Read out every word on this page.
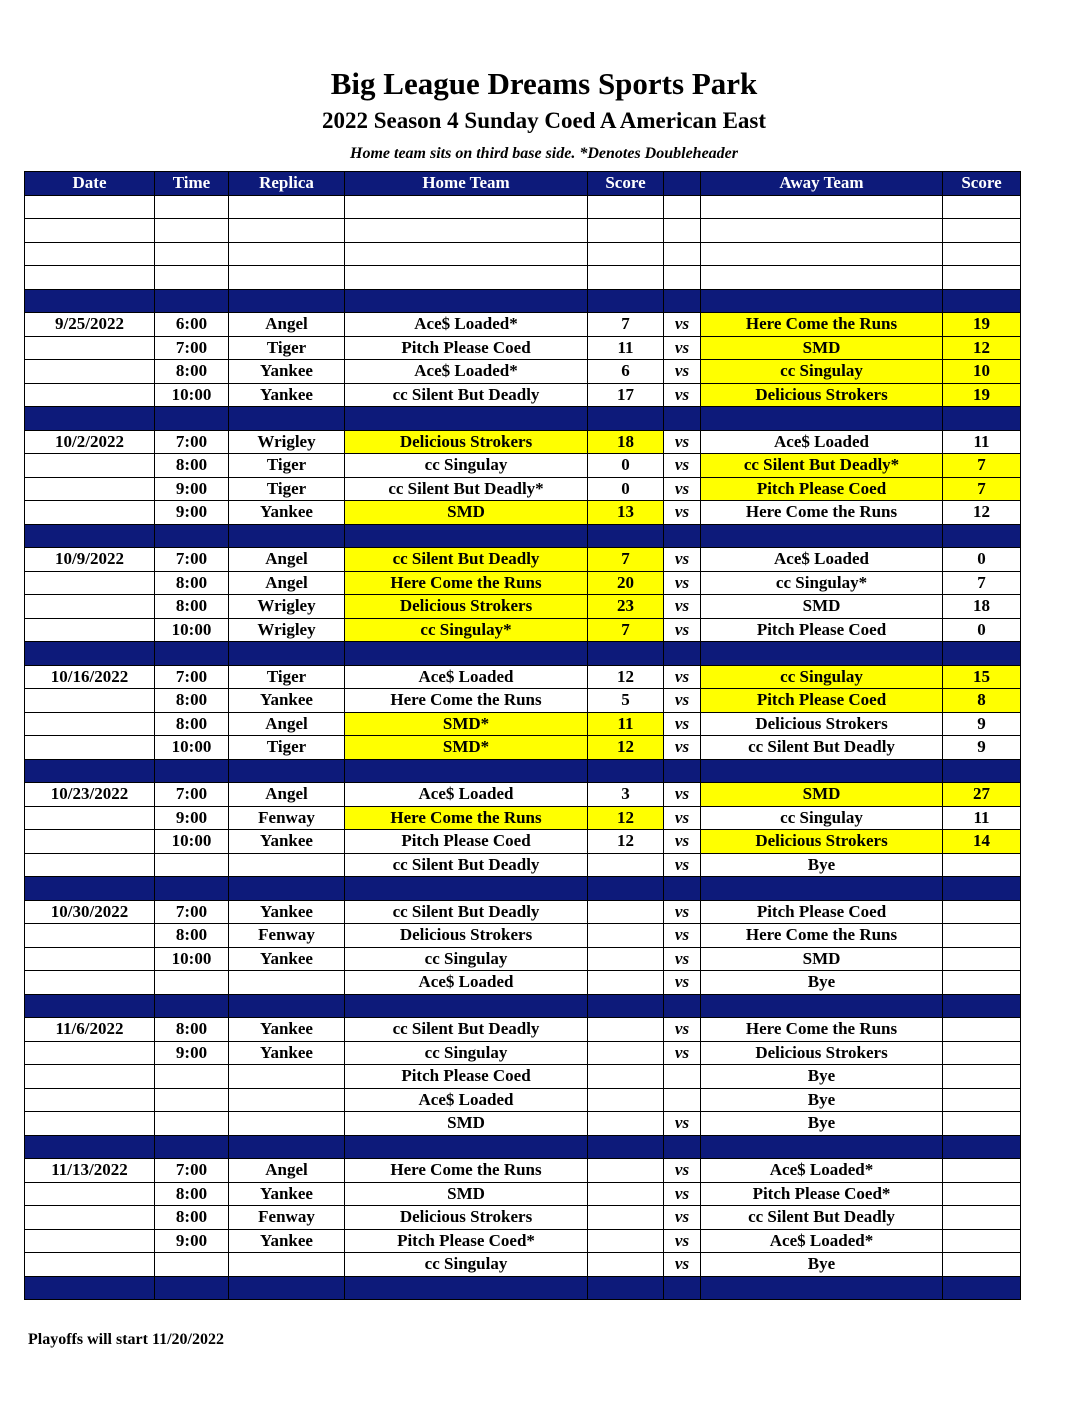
Big League Dreams Sports Park
2022 Season 4 Sunday Coed A American East
Home team sits on third base side. *Denotes Doubleheader
Date	Time	Replica	Home Team	Score		Away Team	Score

9/25/2022	6:00	Angel	Ace$ Loaded*	7	vs	Here Come the Runs	19
	7:00	Tiger	Pitch Please Coed	11	vs	SMD	12
	8:00	Yankee	Ace$ Loaded*	6	vs	cc Singulay	10
	10:00	Yankee	cc Silent But Deadly	17	vs	Delicious Strokers	19

10/2/2022	7:00	Wrigley	Delicious Strokers	18	vs	Ace$ Loaded	11
	8:00	Tiger	cc Singulay	0	vs	cc Silent But Deadly*	7
	9:00	Tiger	cc Silent But Deadly*	0	vs	Pitch Please Coed	7
	9:00	Yankee	SMD	13	vs	Here Come the Runs	12

10/9/2022	7:00	Angel	cc Silent But Deadly	7	vs	Ace$ Loaded	0
	8:00	Angel	Here Come the Runs	20	vs	cc Singulay*	7
	8:00	Wrigley	Delicious Strokers	23	vs	SMD	18
	10:00	Wrigley	cc Singulay*	7	vs	Pitch Please Coed	0

10/16/2022	7:00	Tiger	Ace$ Loaded	12	vs	cc Singulay	15
	8:00	Yankee	Here Come the Runs	5	vs	Pitch Please Coed	8
	8:00	Angel	SMD*	11	vs	Delicious Strokers	9
	10:00	Tiger	SMD*	12	vs	cc Silent But Deadly	9

10/23/2022	7:00	Angel	Ace$ Loaded	3	vs	SMD	27
	9:00	Fenway	Here Come the Runs	12	vs	cc Singulay	11
	10:00	Yankee	Pitch Please Coed	12	vs	Delicious Strokers	14
			cc Silent But Deadly		vs	Bye	

10/30/2022	7:00	Yankee	cc Silent But Deadly		vs	Pitch Please Coed	
	8:00	Fenway	Delicious Strokers		vs	Here Come the Runs	
	10:00	Yankee	cc Singulay		vs	SMD	
			Ace$ Loaded		vs	Bye	

11/6/2022	8:00	Yankee	cc Silent But Deadly		vs	Here Come the Runs	
	9:00	Yankee	cc Singulay		vs	Delicious Strokers	
			Pitch Please Coed			Bye	
			Ace$ Loaded			Bye	
			SMD		vs	Bye	

11/13/2022	7:00	Angel	Here Come the Runs		vs	Ace$ Loaded*	
	8:00	Yankee	SMD		vs	Pitch Please Coed*	
	8:00	Fenway	Delicious Strokers		vs	cc Silent But Deadly	
	9:00	Yankee	Pitch Please Coed*		vs	Ace$ Loaded*	
			cc Singulay		vs	Bye	

Playoffs will start 11/20/2022
